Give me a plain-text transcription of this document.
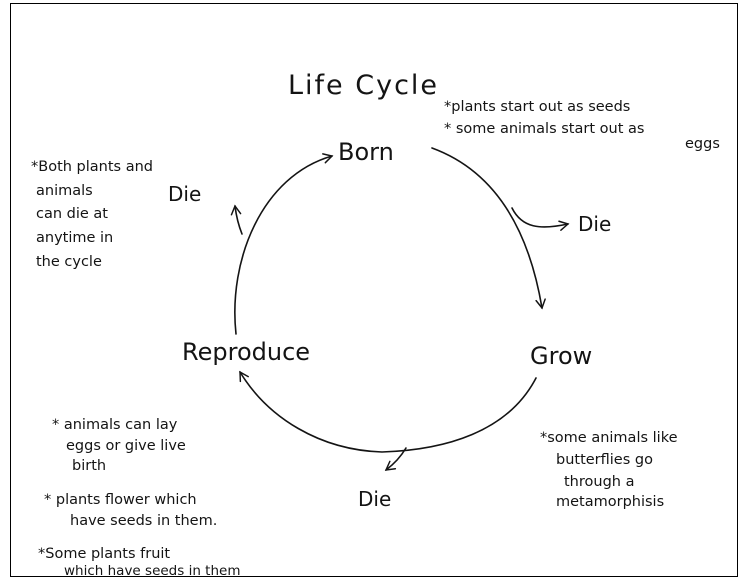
Life Cycle
Born
Grow
Reproduce
Die
Die
Die
*plants start out as seeds
* some animals start out as
eggs
*Both plants and
animals
can die at
anytime in
the cycle
* animals can lay
eggs or give live
birth
* plants flower which
have seeds in them.
*Some plants fruit
which have seeds in them
*some animals like
butterflies go
through a
metamorphisis
